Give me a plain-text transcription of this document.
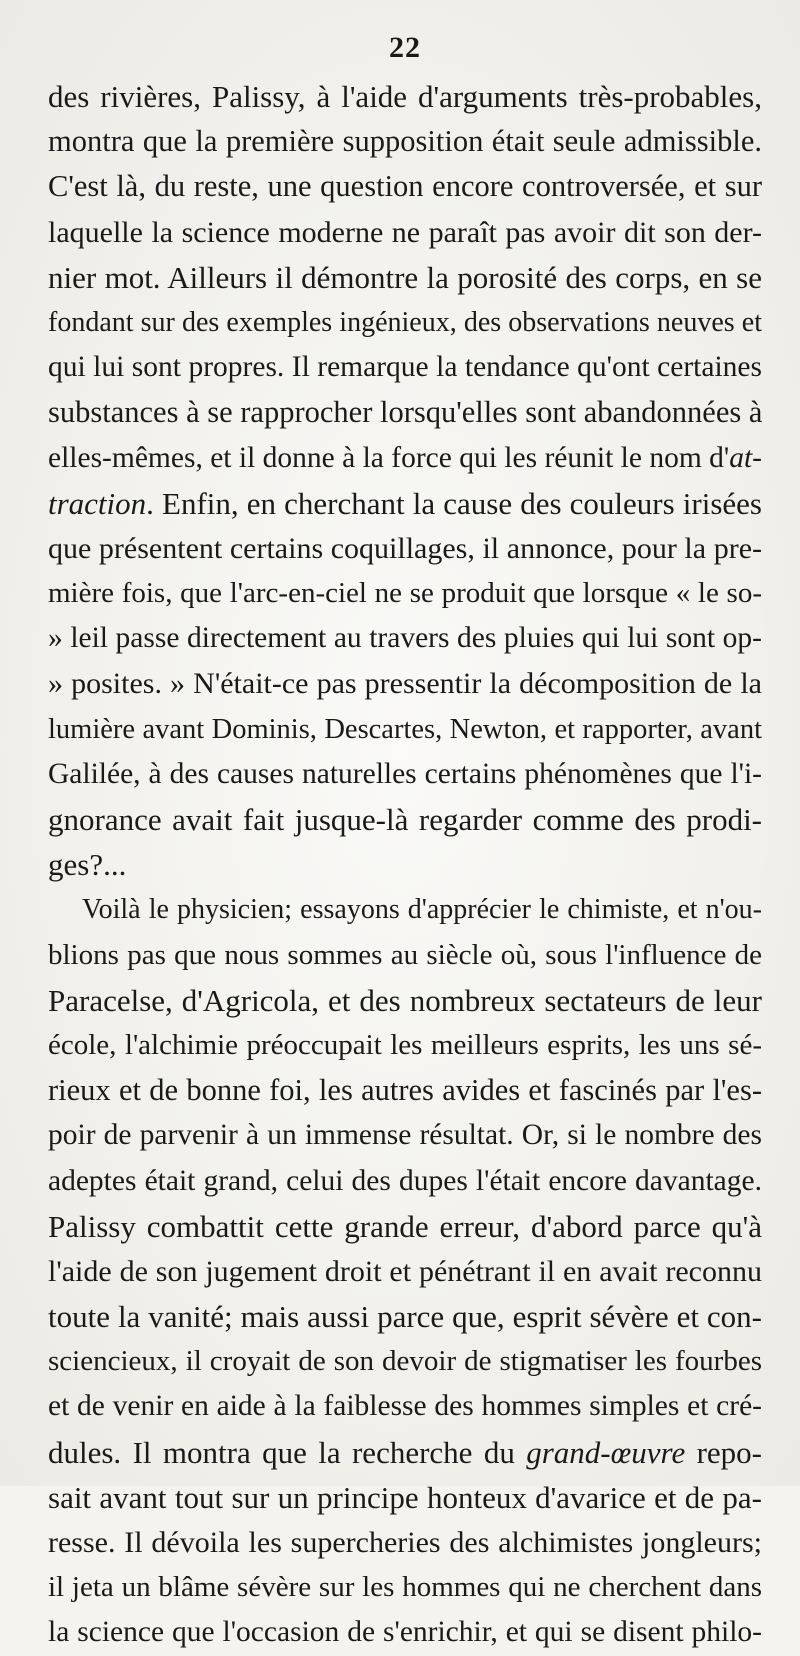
22
des rivières, Palissy, à l'aide d'arguments très-probables,
montra que la première supposition était seule admissible.
C'est là, du reste, une question encore controversée, et sur
laquelle la science moderne ne paraît pas avoir dit son der-
nier mot. Ailleurs il démontre la porosité des corps, en se
fondant sur des exemples ingénieux, des observations neuves et
qui lui sont propres. Il remarque la tendance qu'ont certaines
substances à se rapprocher lorsqu'elles sont abandonnées à
elles-mêmes, et il donne à la force qui les réunit le nom d'at-
traction. Enfin, en cherchant la cause des couleurs irisées
que présentent certains coquillages, il annonce, pour la pre-
mière fois, que l'arc-en-ciel ne se produit que lorsque « le so-
» leil passe directement au travers des pluies qui lui sont op-
» posites. » N'était-ce pas pressentir la décomposition de la
lumière avant Dominis, Descartes, Newton, et rapporter, avant
Galilée, à des causes naturelles certains phénomènes que l'i-
gnorance avait fait jusque-là regarder comme des prodi-
ges?...
Voilà le physicien; essayons d'apprécier le chimiste, et n'ou-
blions pas que nous sommes au siècle où, sous l'influence de
Paracelse, d'Agricola, et des nombreux sectateurs de leur
école, l'alchimie préoccupait les meilleurs esprits, les uns sé-
rieux et de bonne foi, les autres avides et fascinés par l'es-
poir de parvenir à un immense résultat. Or, si le nombre des
adeptes était grand, celui des dupes l'était encore davantage.
Palissy combattit cette grande erreur, d'abord parce qu'à
l'aide de son jugement droit et pénétrant il en avait reconnu
toute la vanité; mais aussi parce que, esprit sévère et con-
sciencieux, il croyait de son devoir de stigmatiser les fourbes
et de venir en aide à la faiblesse des hommes simples et cré-
dules. Il montra que la recherche du grand-œuvre repo-
sait avant tout sur un principe honteux d'avarice et de pa-
resse. Il dévoila les supercheries des alchimistes jongleurs;
il jeta un blâme sévère sur les hommes qui ne cherchent dans
la science que l'occasion de s'enrichir, et qui se disent philo-
